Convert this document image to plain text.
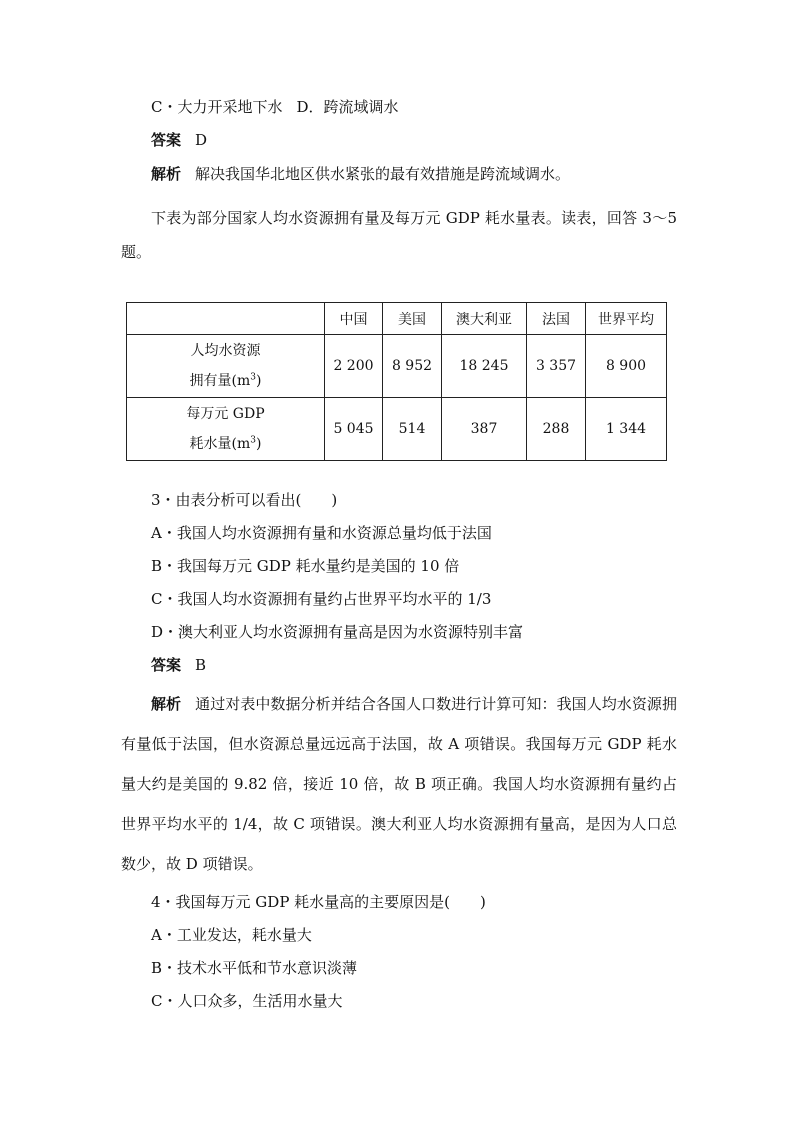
C・大力开采地下水 D．跨流域调水
答案 D
解析 解决我国华北地区供水紧张的最有效措施是跨流域调水。
下表为部分国家人均水资源拥有量及每万元 GDP 耗水量表。读表，回答 3～5 题。
	中国	美国	澳大利亚	法国	世界平均

人均水资源
拥有量$(m^3)$	2 200	8 952	18 245	3 357	8 900

每万元 GDP
耗水量$(m^3)$	5 045	514	387	288	1 344
3・由表分析可以看出(　　)
A・我国人均水资源拥有量和水资源总量均低于法国
B・我国每万元 GDP 耗水量约是美国的 10 倍
C・我国人均水资源拥有量约占世界平均水平的 1/3
D・澳大利亚人均水资源拥有量高是因为水资源特别丰富
答案 B
解析 通过对表中数据分析并结合各国人口数进行计算可知：我国人均水资源拥有量低于法国，但水资源总量远远高于法国，故 A 项错误。我国每万元 GDP 耗水量大约是美国的 9.82 倍，接近 10 倍，故 B 项正确。我国人均水资源拥有量约占世界平均水平的 1/4，故 C 项错误。澳大利亚人均水资源拥有量高，是因为人口总数少，故 D 项错误。
4・我国每万元 GDP 耗水量高的主要原因是(　　)
A・工业发达，耗水量大
B・技术水平低和节水意识淡薄
C・人口众多，生活用水量大
